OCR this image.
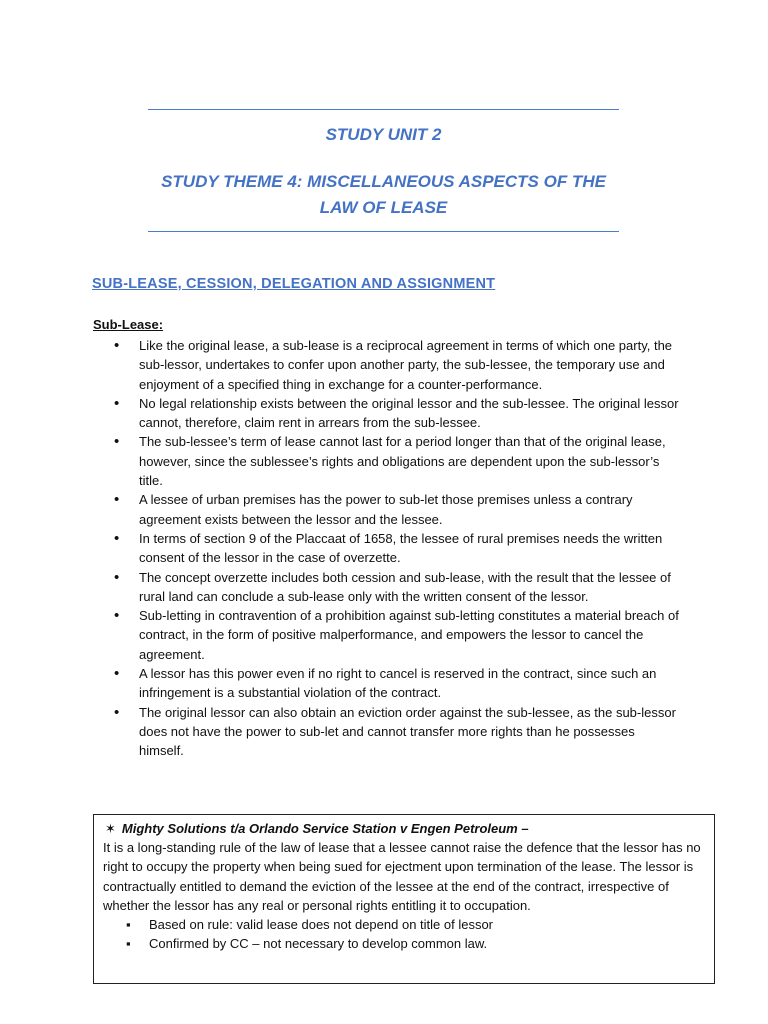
STUDY UNIT 2
STUDY THEME 4: MISCELLANEOUS ASPECTS OF THE LAW OF LEASE
SUB-LEASE, CESSION, DELEGATION AND ASSIGNMENT
Sub-Lease:
• Like the original lease, a sub-lease is a reciprocal agreement in terms of which one party, the sub-lessor, undertakes to confer upon another party, the sub-lessee, the temporary use and enjoyment of a specified thing in exchange for a counter-performance.
• No legal relationship exists between the original lessor and the sub-lessee. The original lessor cannot, therefore, claim rent in arrears from the sub-lessee.
• The sub-lessee’s term of lease cannot last for a period longer than that of the original lease, however, since the sublessee’s rights and obligations are dependent upon the sub-lessor’s title.
• A lessee of urban premises has the power to sub-let those premises unless a contrary agreement exists between the lessor and the lessee.
• In terms of section 9 of the Placcaat of 1658, the lessee of rural premises needs the written consent of the lessor in the case of overzette.
• The concept overzette includes both cession and sub-lease, with the result that the lessee of rural land can conclude a sub-lease only with the written consent of the lessor.
• Sub-letting in contravention of a prohibition against sub-letting constitutes a material breach of contract, in the form of positive malperformance, and empowers the lessor to cancel the agreement.
• A lessor has this power even if no right to cancel is reserved in the contract, since such an infringement is a substantial violation of the contract.
• The original lessor can also obtain an eviction order against the sub-lessee, as the sub-lessor does not have the power to sub-let and cannot transfer more rights than he possesses himself.
✶ Mighty Solutions t/a Orlando Service Station v Engen Petroleum –
It is a long-standing rule of the law of lease that a lessee cannot raise the defence that the lessor has no right to occupy the property when being sued for ejectment upon termination of the lease. The lessor is contractually entitled to demand the eviction of the lessee at the end of the contract, irrespective of whether the lessor has any real or personal rights entitling it to occupation.
▪ Based on rule: valid lease does not depend on title of lessor
▪ Confirmed by CC – not necessary to develop common law.
